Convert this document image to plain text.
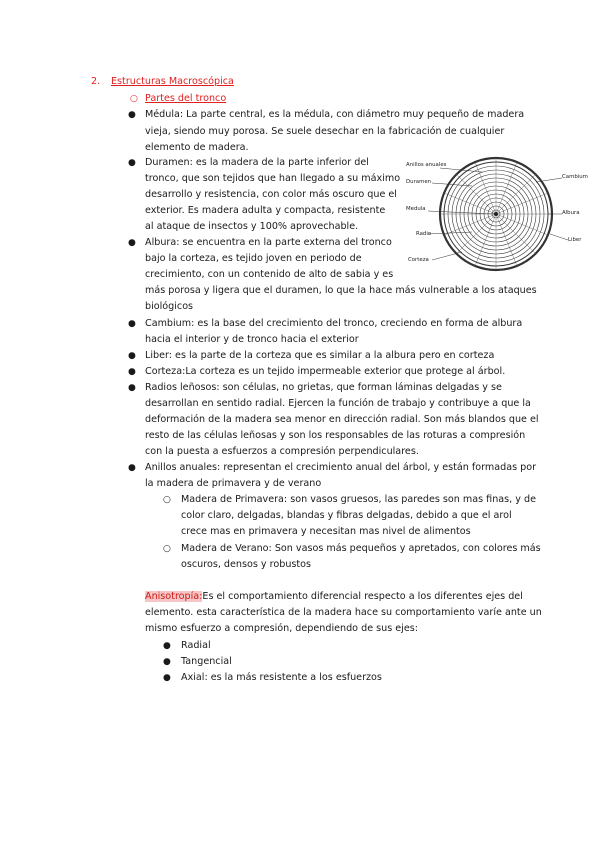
2. Estructuras Macroscópica
○ Partes del tronco
● Médula: La parte central, es la médula, con diámetro muy pequeño de madera
vieja, siendo muy porosa. Se suele desechar en la fabricación de cualquier
elemento de madera.
● Duramen: es la madera de la parte inferior del
tronco, que son tejidos que han llegado a su máximo
desarrollo y resistencia, con color más oscuro que el
exterior. Es madera adulta y compacta, resistente
al ataque de insectos y 100% aprovechable.
● Albura: se encuentra en la parte externa del tronco
bajo la corteza, es tejido joven en periodo de
crecimiento, con un contenido de alto de sabia y es
más porosa y ligera que el duramen, lo que la hace más vulnerable a los ataques
biológicos
● Cambium: es la base del crecimiento del tronco, creciendo en forma de albura
hacia el interior y de tronco hacia el exterior
● Liber: es la parte de la corteza que es similar a la albura pero en corteza
● Corteza:La corteza es un tejido impermeable exterior que protege al árbol.
● Radios leñosos: son células, no grietas, que forman láminas delgadas y se
desarrollan en sentido radial. Ejercen la función de trabajo y contribuye a que la
deformación de la madera sea menor en dirección radial. Son más blandos que el
resto de las células leñosas y son los responsables de las roturas a compresión
con la puesta a esfuerzos a compresión perpendiculares.
● Anillos anuales: representan el crecimiento anual del árbol, y están formadas por
la madera de primavera y de verano
○ Madera de Primavera: son vasos gruesos, las paredes son mas finas, y de
color claro, delgadas, blandas y fibras delgadas, debido a que el arol
crece mas en primavera y necesitan mas nivel de alimentos
○ Madera de Verano: Son vasos más pequeños y apretados, con colores más
oscuros, densos y robustos
Anisotropía:Es el comportamiento diferencial respecto a los diferentes ejes del
elemento. esta característica de la madera hace su comportamiento varíe ante un
mismo esfuerzo a compresión, dependiendo de sus ejes:
● Radial
● Tangencial
● Axial: es la más resistente a los esfuerzos
Anillos anuales
Duramen
Medula
Radio
Corteza
Cambium
Albura
Liber
